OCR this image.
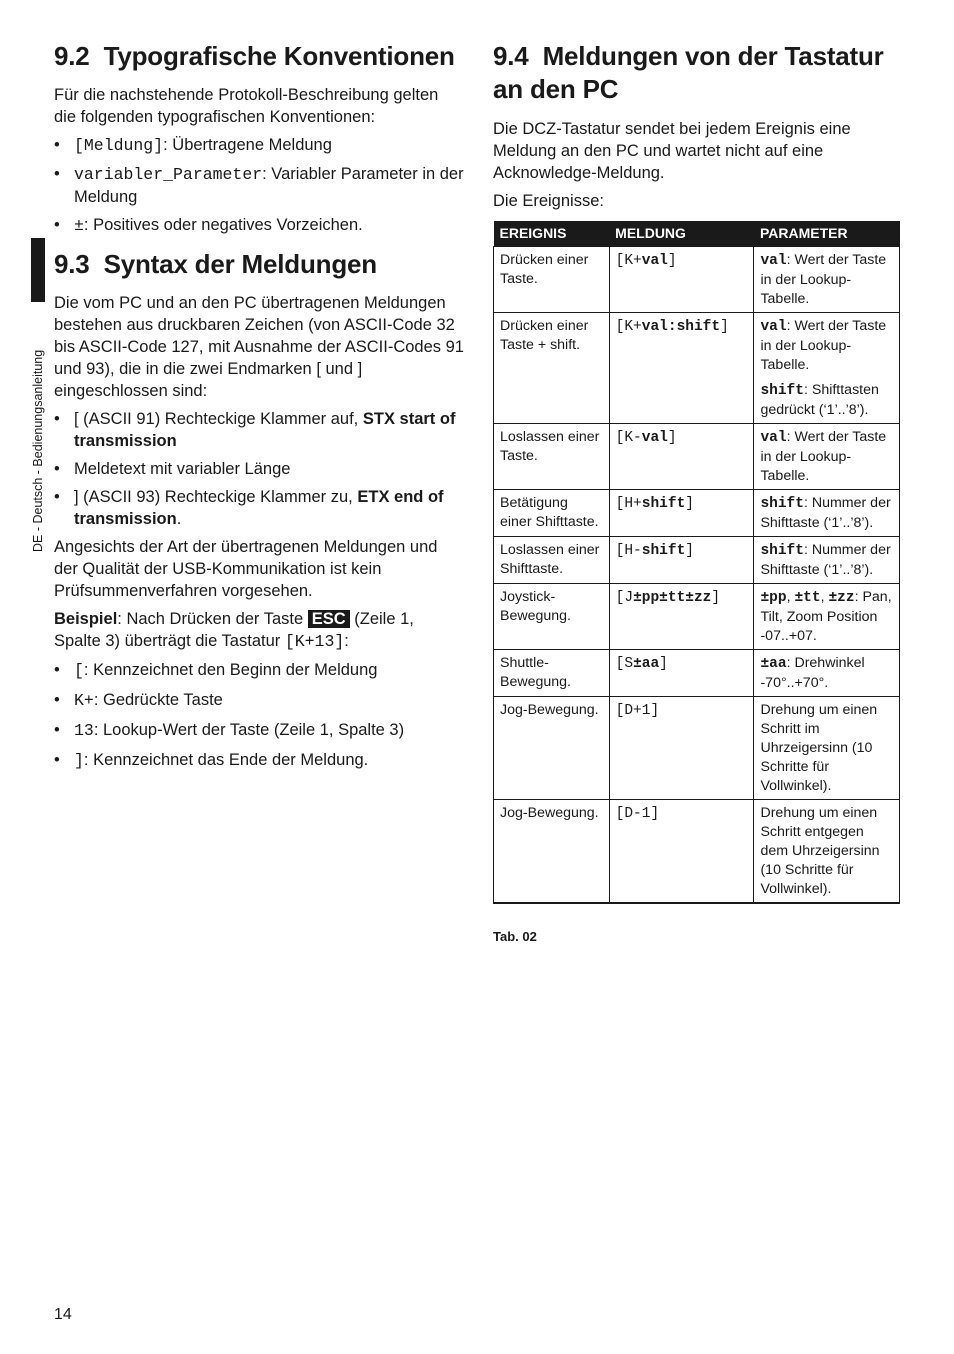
DE - Deutsch - Bedienungsanleitung
9.2  Typografische Konventionen

Für die nachstehende Protokoll-Beschreibung gelten die folgenden typografischen Konventionen:

• [Meldung]: Übertragene Meldung
• variabler_Parameter: Variabler Parameter in der Meldung
• ±: Positives oder negatives Vorzeichen.
9.3  Syntax der Meldungen

Die vom PC und an den PC übertragenen Meldungen bestehen aus druckbaren Zeichen (von ASCII-Code 32 bis ASCII-Code 127, mit Ausnahme der ASCII-Codes 91 und 93), die in die zwei Endmarken [ und ] eingeschlossen sind:

• [ (ASCII 91) Rechteckige Klammer auf, STX start of transmission
• Meldetext mit variabler Länge
• ] (ASCII 93) Rechteckige Klammer zu, ETX end of transmission.

Angesichts der Art der übertragenen Meldungen und der Qualität der USB-Kommunikation ist kein Prüfsummenverfahren vorgesehen.

Beispiel: Nach Drücken der Taste ESC (Zeile 1, Spalte 3) überträgt die Tastatur [K+13]:

• [: Kennzeichnet den Beginn der Meldung
• K+: Gedrückte Taste
• 13: Lookup-Wert der Taste (Zeile 1, Spalte 3)
• ]: Kennzeichnet das Ende der Meldung.
9.4  Meldungen von der Tastatur
an den PC

Die DCZ-Tastatur sendet bei jedem Ereignis eine Meldung an den PC und wartet nicht auf eine Acknowledge-Meldung.

Die Ereignisse:

EREIGNIS	MELDUNG	PARAMETER
Drücken einer Taste.	[K+val]	val: Wert der Taste in der Lookup-Tabelle.
Drücken einer Taste + shift.	[K+val:shift]	val: Wert der Taste in der Lookup-Tabelle.
shift: Shifttasten gedrückt (‘1’..’8’).

Loslassen einer Taste.	[K-val]	val: Wert der Taste in der Lookup-Tabelle.
Betätigung einer Shifttaste.	[H+shift]	shift: Nummer der Shifttaste (‘1’..’8’).
Loslassen einer Shifttaste.	[H-shift]	shift: Nummer der Shifttaste (‘1’..’8’).
Joystick-Bewegung.	[J±pp±tt±zz]	±pp, ±tt, ±zz: Pan, Tilt, Zoom Position -07..+07.
Shuttle-Bewegung.	[S±aa]	±aa: Drehwinkel -70°..+70°.
Jog-Bewegung.	[D+1]	Drehung um einen Schritt im Uhrzeigersinn (10 Schritte für Vollwinkel).
Jog-Bewegung.	[D-1]	Drehung um einen Schritt entgegen dem Uhrzeigersinn (10 Schritte für Vollwinkel).
Tab. 02
14
